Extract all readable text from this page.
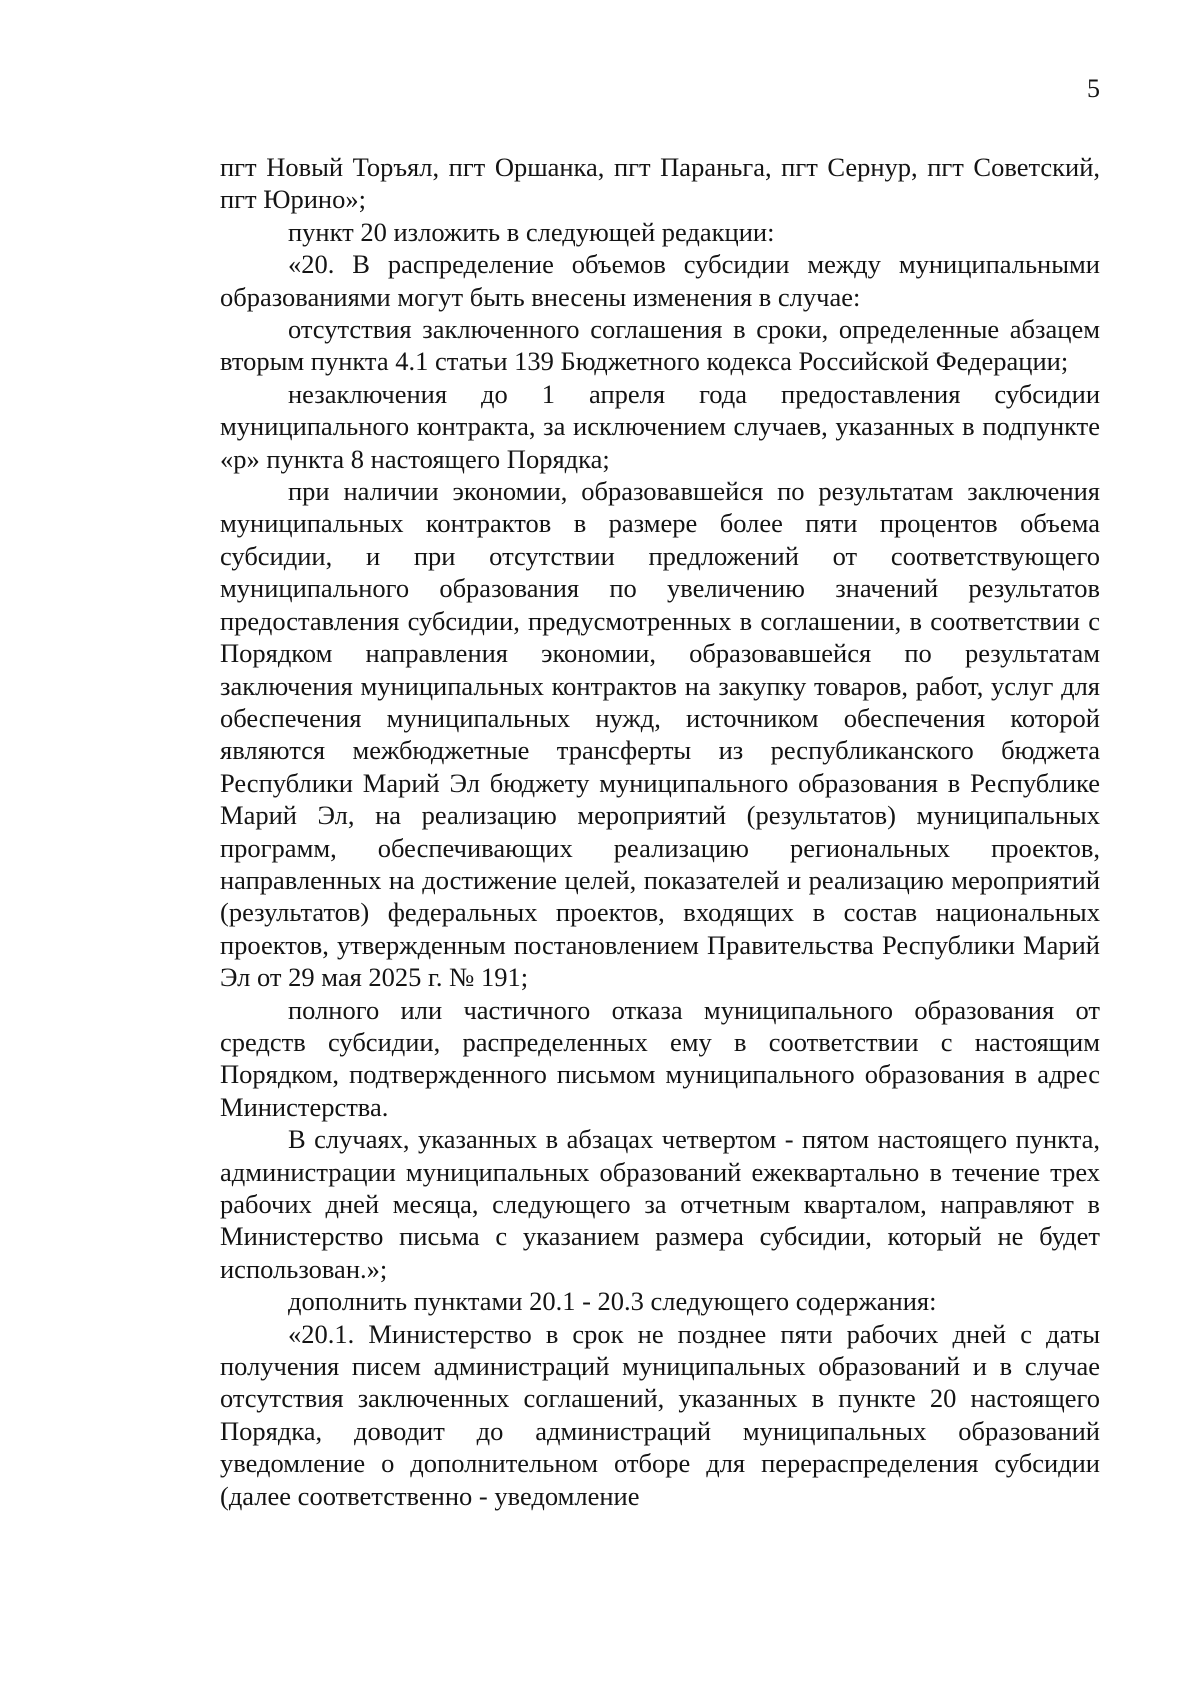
5

пгт Новый Торъял, пгт Оршанка, пгт Параньга, пгт Сернур, пгт Советский, пгт Юрино»;

пункт 20 изложить в следующей редакции:

«20. В распределение объемов субсидии между муниципальными образованиями могут быть внесены изменения в случае:

отсутствия заключенного соглашения в сроки, определенные абзацем вторым пункта 4.1 статьи 139 Бюджетного кодекса Российской Федерации;

незаключения до 1 апреля года предоставления субсидии муниципального контракта, за исключением случаев, указанных в подпункте «р» пункта 8 настоящего Порядка;

при наличии экономии, образовавшейся по результатам заключения муниципальных контрактов в размере более пяти процентов объема субсидии, и при отсутствии предложений от соответствующего муниципального образования по увеличению значений результатов предоставления субсидии, предусмотренных в соглашении, в соответствии с Порядком направления экономии, образовавшейся по результатам заключения муниципальных контрактов на закупку товаров, работ, услуг для обеспечения муниципальных нужд, источником обеспечения которой являются межбюджетные трансферты из республиканского бюджета Республики Марий Эл бюджету муниципального образования в Республике Марий Эл, на реализацию мероприятий (результатов) муниципальных программ, обеспечивающих реализацию региональных проектов, направленных на достижение целей, показателей и реализацию мероприятий (результатов) федеральных проектов, входящих в состав национальных проектов, утвержденным постановлением Правительства Республики Марий Эл от 29 мая 2025 г. № 191;

полного или частичного отказа муниципального образования от средств субсидии, распределенных ему в соответствии с настоящим Порядком, подтвержденного письмом муниципального образования в адрес Министерства.

В случаях, указанных в абзацах четвертом - пятом настоящего пункта, администрации муниципальных образований ежеквартально в течение трех рабочих дней месяца, следующего за отчетным кварталом, направляют в Министерство письма с указанием размера субсидии, который не будет использован.»;

дополнить пунктами 20.1 - 20.3 следующего содержания:

«20.1. Министерство в срок не позднее пяти рабочих дней с даты получения писем администраций муниципальных образований и в случае отсутствия заключенных соглашений, указанных в пункте 20 настоящего Порядка, доводит до администраций муниципальных образований уведомление о дополнительном отборе для перераспределения субсидии (далее соответственно - уведомление
